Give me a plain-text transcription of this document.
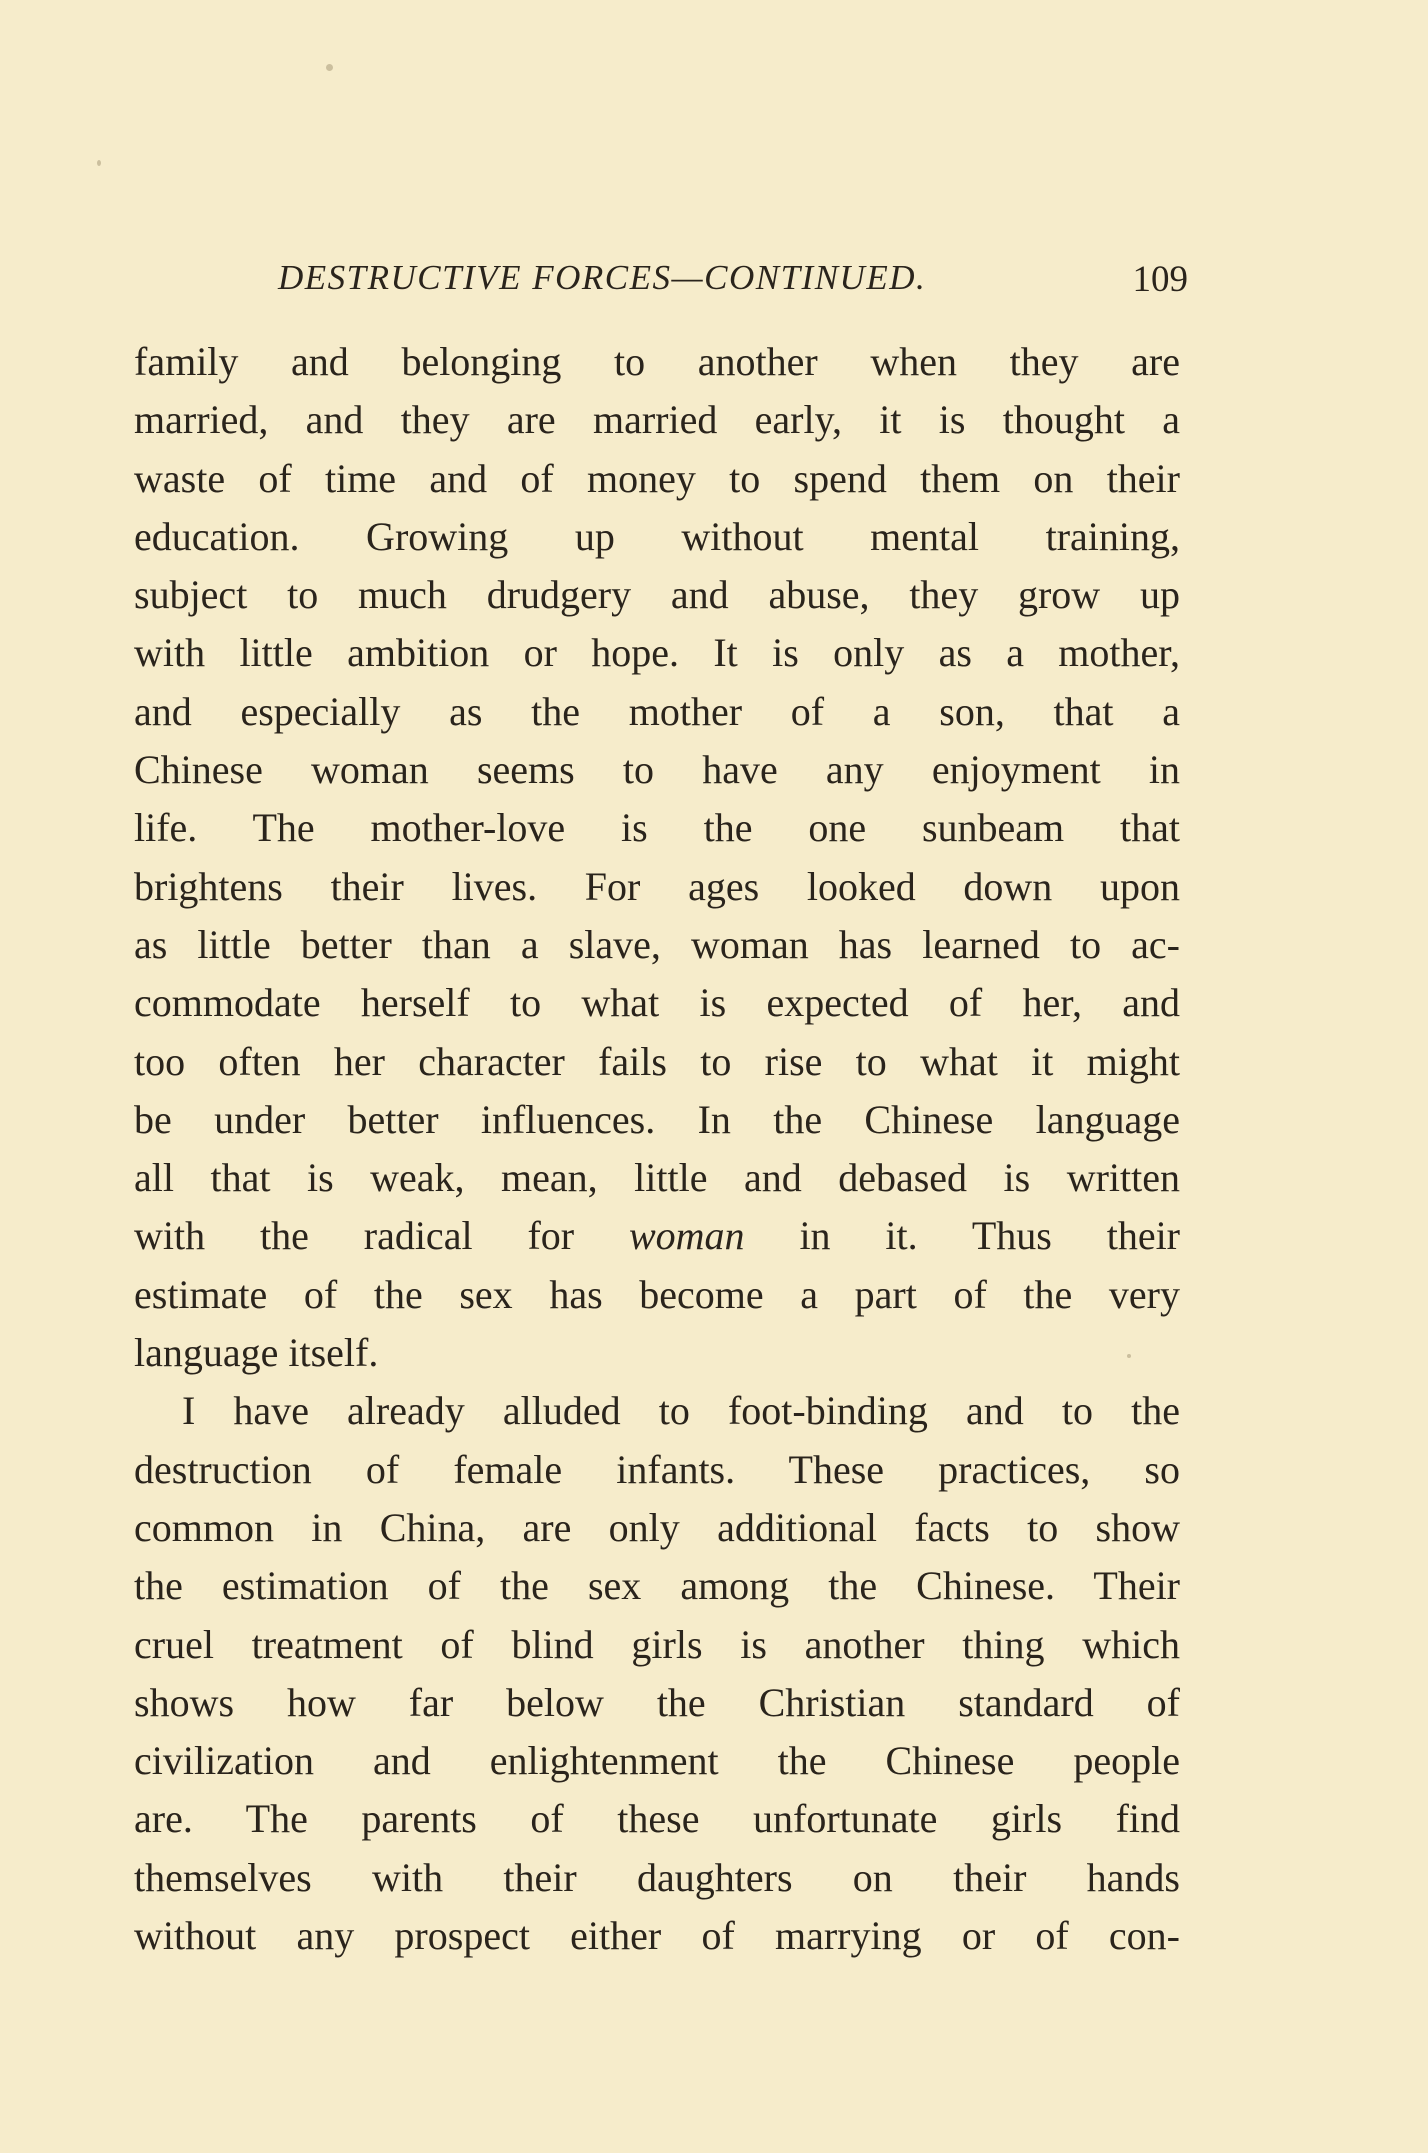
DESTRUCTIVE FORCES—CONTINUED.	109
family and belonging to another when they are
married, and they are married early, it is thought a
waste of time and of money to spend them on their
education. Growing up without mental training,
subject to much drudgery and abuse, they grow up
with little ambition or hope. It is only as a mother,
and especially as the mother of a son, that a
Chinese woman seems to have any enjoyment in
life. The mother-love is the one sunbeam that
brightens their lives. For ages looked down upon
as little better than a slave, woman has learned to ac-
commodate herself to what is expected of her, and
too often her character fails to rise to what it might
be under better influences. In the Chinese language
all that is weak, mean, little and debased is written
with the radical for woman in it. Thus their
estimate of the sex has become a part of the very
language itself.
I have already alluded to foot-binding and to the
destruction of female infants. These practices, so
common in China, are only additional facts to show
the estimation of the sex among the Chinese. Their
cruel treatment of blind girls is another thing which
shows how far below the Christian standard of
civilization and enlightenment the Chinese people
are. The parents of these unfortunate girls find
themselves with their daughters on their hands
without any prospect either of marrying or of con-
